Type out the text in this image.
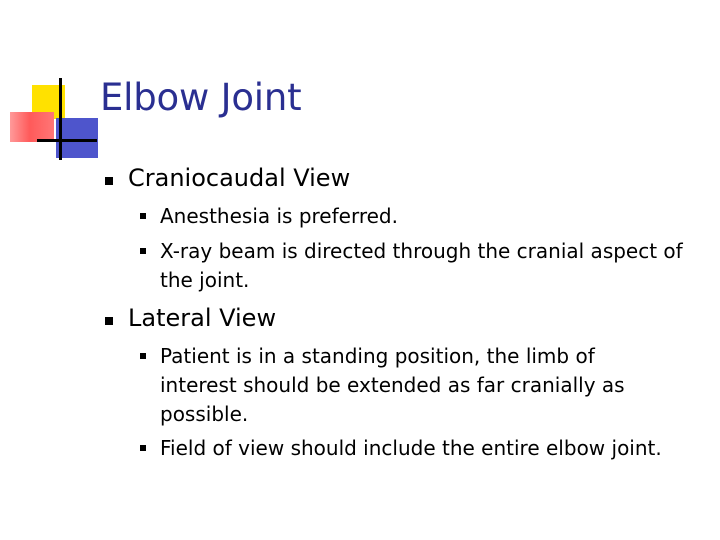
Elbow Joint
Craniocaudal View
Anesthesia is preferred.
X-ray beam is directed through the cranial aspect of the joint.
Lateral View
Patient is in a standing position, the limb of interest should be extended as far cranially as possible.
Field of view should include the entire elbow joint.
